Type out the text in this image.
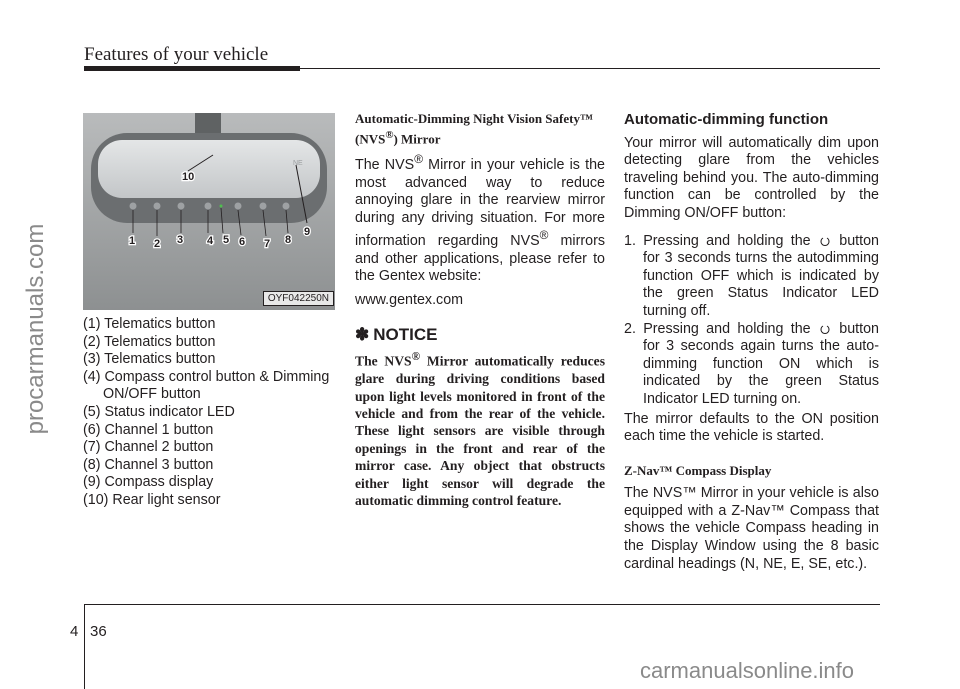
Features of your vehicle
procarmanuals.com
NE
1 2 3 4 5 6 7 8
9
10
OYF042250N
(1) Telematics button
(2) Telematics button
(3) Telematics button
(4) Compass control button & Dimming ON/OFF button
(5) Status indicator LED
(6) Channel 1 button
(7) Channel 2 button
(8) Channel 3 button
(9) Compass display
(10) Rear light sensor
Automatic-Dimming Night Vision Safety™ (NVS®) Mirror
The NVS® Mirror in your vehicle is the most advanced way to reduce annoying glare in the rearview mirror during any driving situation. For more information regarding NVS® mirrors and other applications, please refer to the Gentex website:
www.gentex.com
✽ NOTICE
The NVS® Mirror automatically reduces glare during driving conditions based upon light levels monitored in front of the vehicle and from the rear of the vehicle. These light sensors are visible through openings in the front and rear of the mirror case. Any object that obstructs either light sensor will degrade the automatic dimming control feature.
Automatic-dimming function
Your mirror will automatically dim upon detecting glare from the vehicles traveling behind you. The auto-dimming function can be controlled by the Dimming ON/OFF button:
1. Pressing and holding the  button for 3 seconds turns the autodimming function OFF which is indicated by the green Status Indicator LED turning off.
2. Pressing and holding the  button for 3 seconds again turns the auto-dimming function ON which is indicated by the green Status Indicator LED turning on.
The mirror defaults to the ON position each time the vehicle is started.
Z-Nav™ Compass Display
The NVS™ Mirror in your vehicle is also equipped with a Z-Nav™ Compass that shows the vehicle Compass heading in the Display Window using the 8 basic cardinal headings (N, NE, E, SE, etc.).
4 36
carmanualsonline.info
